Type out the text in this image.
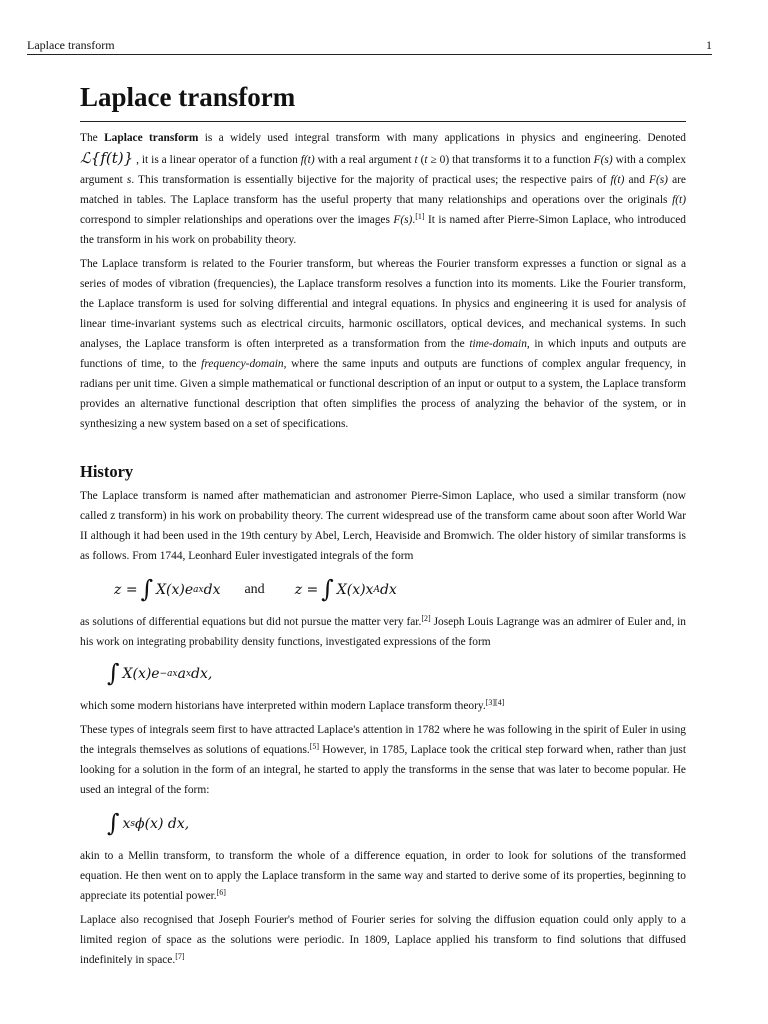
Laplace transform	1
Laplace transform

The Laplace transform is a widely used integral transform with many applications in physics and engineering. Denoted ℒ{f(t)} , it is a linear operator of a function f(t) with a real argument t (t ≥ 0) that transforms it to a function F(s) with a complex argument s. This transformation is essentially bijective for the majority of practical uses; the respective pairs of f(t) and F(s) are matched in tables. The Laplace transform has the useful property that many relationships and operations over the originals f(t) correspond to simpler relationships and operations over the images F(s).[1] It is named after Pierre-Simon Laplace, who introduced the transform in his work on probability theory.

The Laplace transform is related to the Fourier transform, but whereas the Fourier transform expresses a function or signal as a series of modes of vibration (frequencies), the Laplace transform resolves a function into its moments. Like the Fourier transform, the Laplace transform is used for solving differential and integral equations. In physics and engineering it is used for analysis of linear time-invariant systems such as electrical circuits, harmonic oscillators, optical devices, and mechanical systems. In such analyses, the Laplace transform is often interpreted as a transformation from the time-domain, in which inputs and outputs are functions of time, to the frequency-domain, where the same inputs and outputs are functions of complex angular frequency, in radians per unit time. Given a simple mathematical or functional description of an input or output to a system, the Laplace transform provides an alternative functional description that often simplifies the process of analyzing the behavior of the system, or in synthesizing a new system based on a set of specifications.

History

The Laplace transform is named after mathematician and astronomer Pierre-Simon Laplace, who used a similar transform (now called z transform) in his work on probability theory. The current widespread use of the transform came about soon after World War II although it had been used in the 19th century by Abel, Lerch, Heaviside and Bromwich. The older history of similar transforms is as follows. From 1744, Leonhard Euler investigated integrals of the form

z = ∫ X(x)e ax dx and z = ∫ X(x)x A dx

as solutions of differential equations but did not pursue the matter very far.[2] Joseph Louis Lagrange was an admirer of Euler and, in his work on integrating probability density functions, investigated expressions of the form

∫ X(x)e −ax a x dx,

which some modern historians have interpreted within modern Laplace transform theory.[3][4]

These types of integrals seem first to have attracted Laplace's attention in 1782 where he was following in the spirit of Euler in using the integrals themselves as solutions of equations.[5] However, in 1785, Laplace took the critical step forward when, rather than just looking for a solution in the form of an integral, he started to apply the transforms in the sense that was later to become popular. He used an integral of the form:

∫ x s ϕ(x) dx,

akin to a Mellin transform, to transform the whole of a difference equation, in order to look for solutions of the transformed equation. He then went on to apply the Laplace transform in the same way and started to derive some of its properties, beginning to appreciate its potential power.[6]

Laplace also recognised that Joseph Fourier's method of Fourier series for solving the diffusion equation could only apply to a limited region of space as the solutions were periodic. In 1809, Laplace applied his transform to find solutions that diffused indefinitely in space.[7]
